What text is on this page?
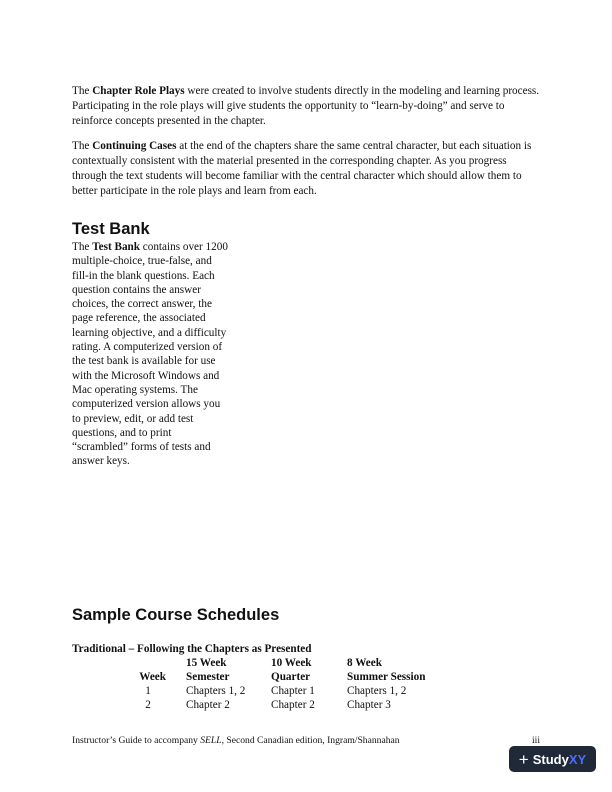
The Chapter Role Plays were created to involve students directly in the modeling and learning process. Participating in the role plays will give students the opportunity to “learn-by-doing” and serve to reinforce concepts presented in the chapter.

The Continuing Cases at the end of the chapters share the same central character, but each situation is contextually consistent with the material presented in the corresponding chapter. As you progress through the text students will become familiar with the central character which should allow them to better participate in the role plays and learn from each.

Test Bank

The Test Bank contains over 1200 multiple-choice, true-false, and fill-in the blank questions. Each question contains the answer choices, the correct answer, the page reference, the associated learning objective, and a difficulty rating. A computerized version of the test bank is available for use with the Microsoft Windows and Mac operating systems. The computerized version allows you to preview, edit, or add test questions, and to print “scrambled” forms of tests and answer keys.

Sample Course Schedules

Traditional – Following the Chapters as Presented

Week
1
2
15 Week
Semester
Chapters 1, 2
Chapter 2
10 Week
Quarter
Chapter 1
Chapter 2
8 Week
Summer Session
Chapters 1, 2
Chapter 3

Instructor’s Guide to accompany SELL, Second Canadian edition, Ingram/Shannahan	iii

+ Study XY
